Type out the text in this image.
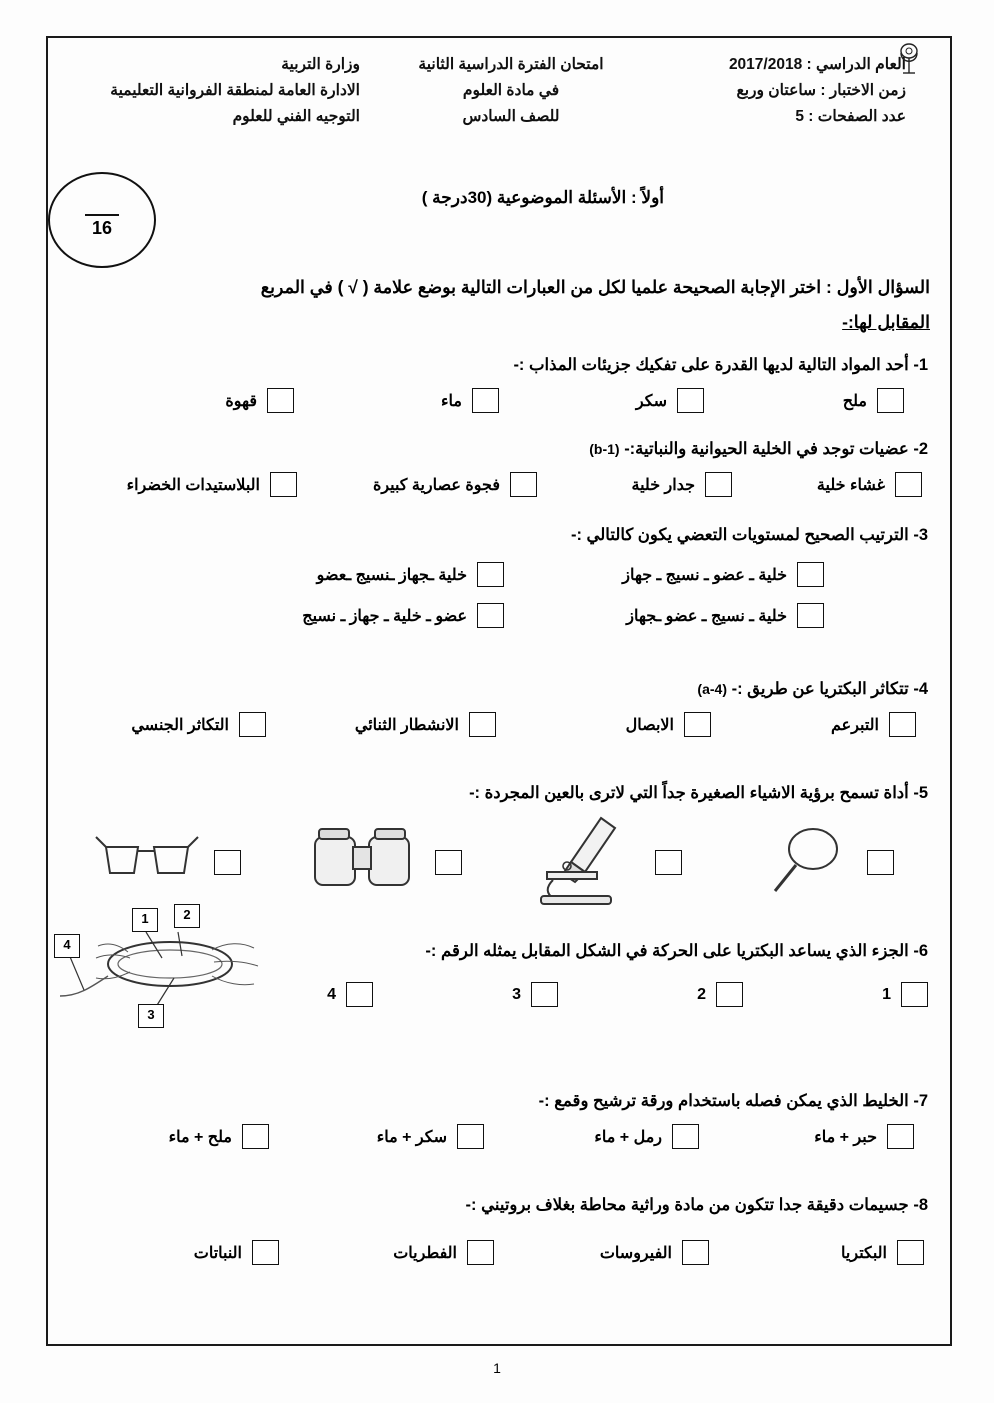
وزارة التربية
الادارة العامة لمنطقة الفروانية التعليمية
التوجيه الفني للعلوم
امتحان الفترة الدراسية الثانية
في مادة العلوم
للصف السادس
العام الدراسي : 2017/2018
زمن الاختبار : ساعتان وربع
عدد الصفحات : 5
16
أولاً : الأسئلة الموضوعية (30درجة )
السؤال الأول : اختر الإجابة الصحيحة علميا لكل من العبارات التالية بوضع علامة ( √ ) في المربع
المقابل لها:-
1- أحد المواد التالية لديها القدرة على تفكيك جزيئات المذاب :-
ملح
سكر
ماء
قهوة
2- عضيات توجد في الخلية الحيوانية والنباتية:- (b-1)
غشاء خلية
جدار خلية
فجوة عصارية كبيرة
البلاستيدات الخضراء
3- الترتيب الصحيح لمستويات التعضي يكون كالتالي :-
خلية ـ عضو ـ نسيج ـ جهاز
خلية ـجهاز ـنسيج ـعضو
خلية ـ نسيج ـ عضو ـجهاز
عضو ـ خلية ـ جهاز ـ نسيج
4- تتكاثر البكتريا عن طريق :- (a-4)
التبرعم
الابصال
الانشطار الثنائي
التكاثر الجنسي
5- أداة تسمح برؤية الاشياء الصغيرة جداً التي لاترى بالعين المجردة :-
1	2
3
4	6- الجزء الذي يساعد البكتريا على الحركة في الشكل المقابل يمثله الرقم :-
1
2
3
4
7- الخليط الذي يمكن فصله باستخدام ورقة ترشيح وقمع :-
حبر + ماء
رمل + ماء
سكر + ماء
ملح + ماء
8- جسيمات دقيقة جدا تتكون من مادة وراثية محاطة بغلاف بروتيني :-
البكتريا
الفيروسات
الفطريات
النباتات
1
